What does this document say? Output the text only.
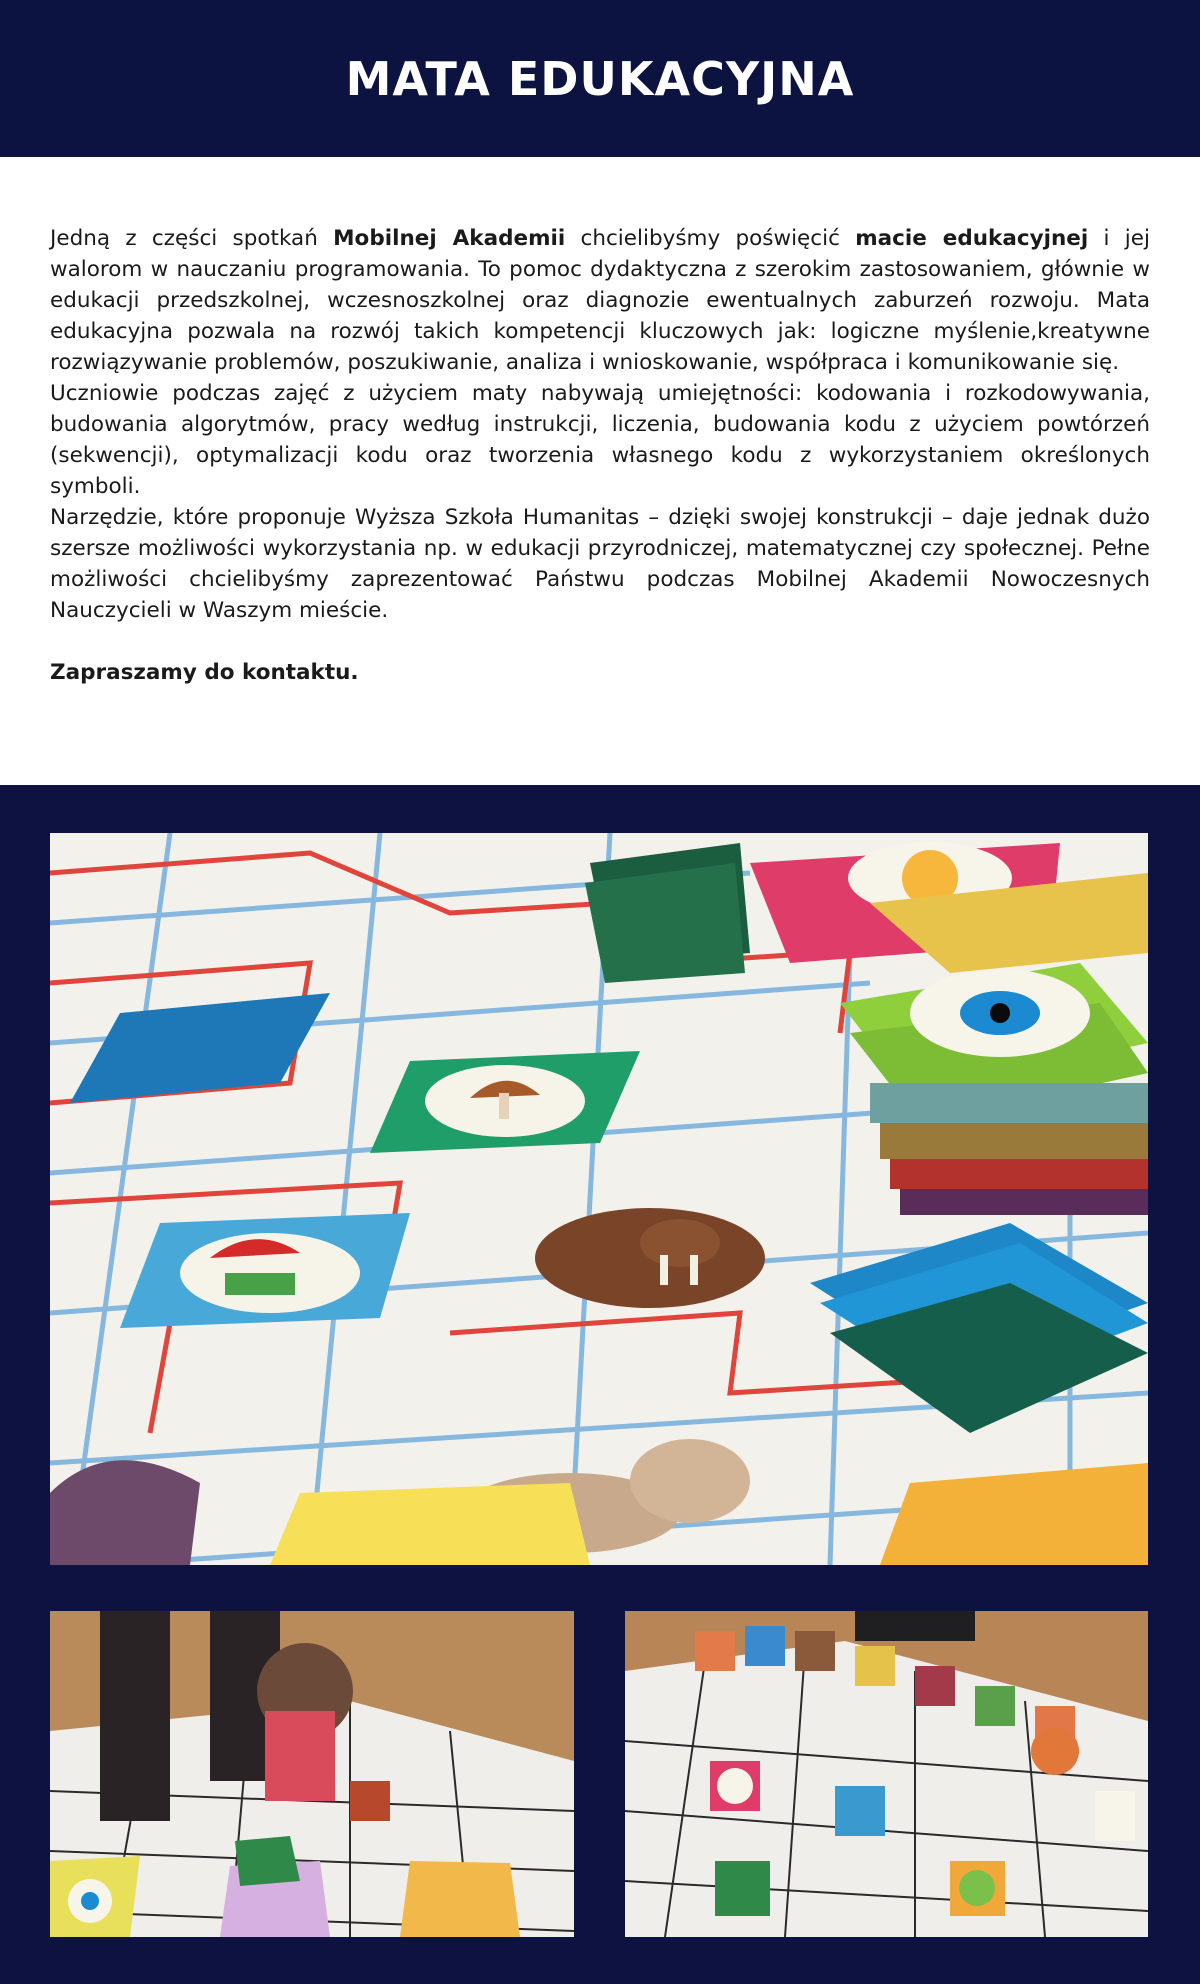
MATA EDUKACYJNA

Jedną z części spotkań Mobilnej Akademii chcielibyśmy poświęcić macie edukacyjnej i jej walorom w nauczaniu programowania. To pomoc dydaktyczna z szerokim zastosowaniem, głównie w edukacji przedszkolnej, wczesnoszkolnej oraz diagnozie ewentualnych zaburzeń rozwoju. Mata edukacyjna pozwala na rozwój takich kompetencji kluczowych jak: logiczne myślenie,kreatywne rozwiązywanie problemów, poszukiwanie, analiza i wnioskowanie, współpraca i komunikowanie się.

Uczniowie podczas zajęć z użyciem maty nabywają umiejętności: kodowania i rozkodowywania, budowania algorytmów, pracy według instrukcji, liczenia, budowania kodu z użyciem powtórzeń (sekwencji), optymalizacji kodu oraz tworzenia własnego kodu z wykorzystaniem określonych symboli.

Narzędzie, które proponuje Wyższa Szkoła Humanitas – dzięki swojej konstrukcji – daje jednak dużo szersze możliwości wykorzystania np. w edukacji przyrodniczej, matematycznej czy społecznej. Pełne możliwości chcielibyśmy zaprezentować Państwu podczas Mobilnej Akademii Nowoczesnych Nauczycieli w Waszym mieście.

Zapraszamy do kontaktu.
